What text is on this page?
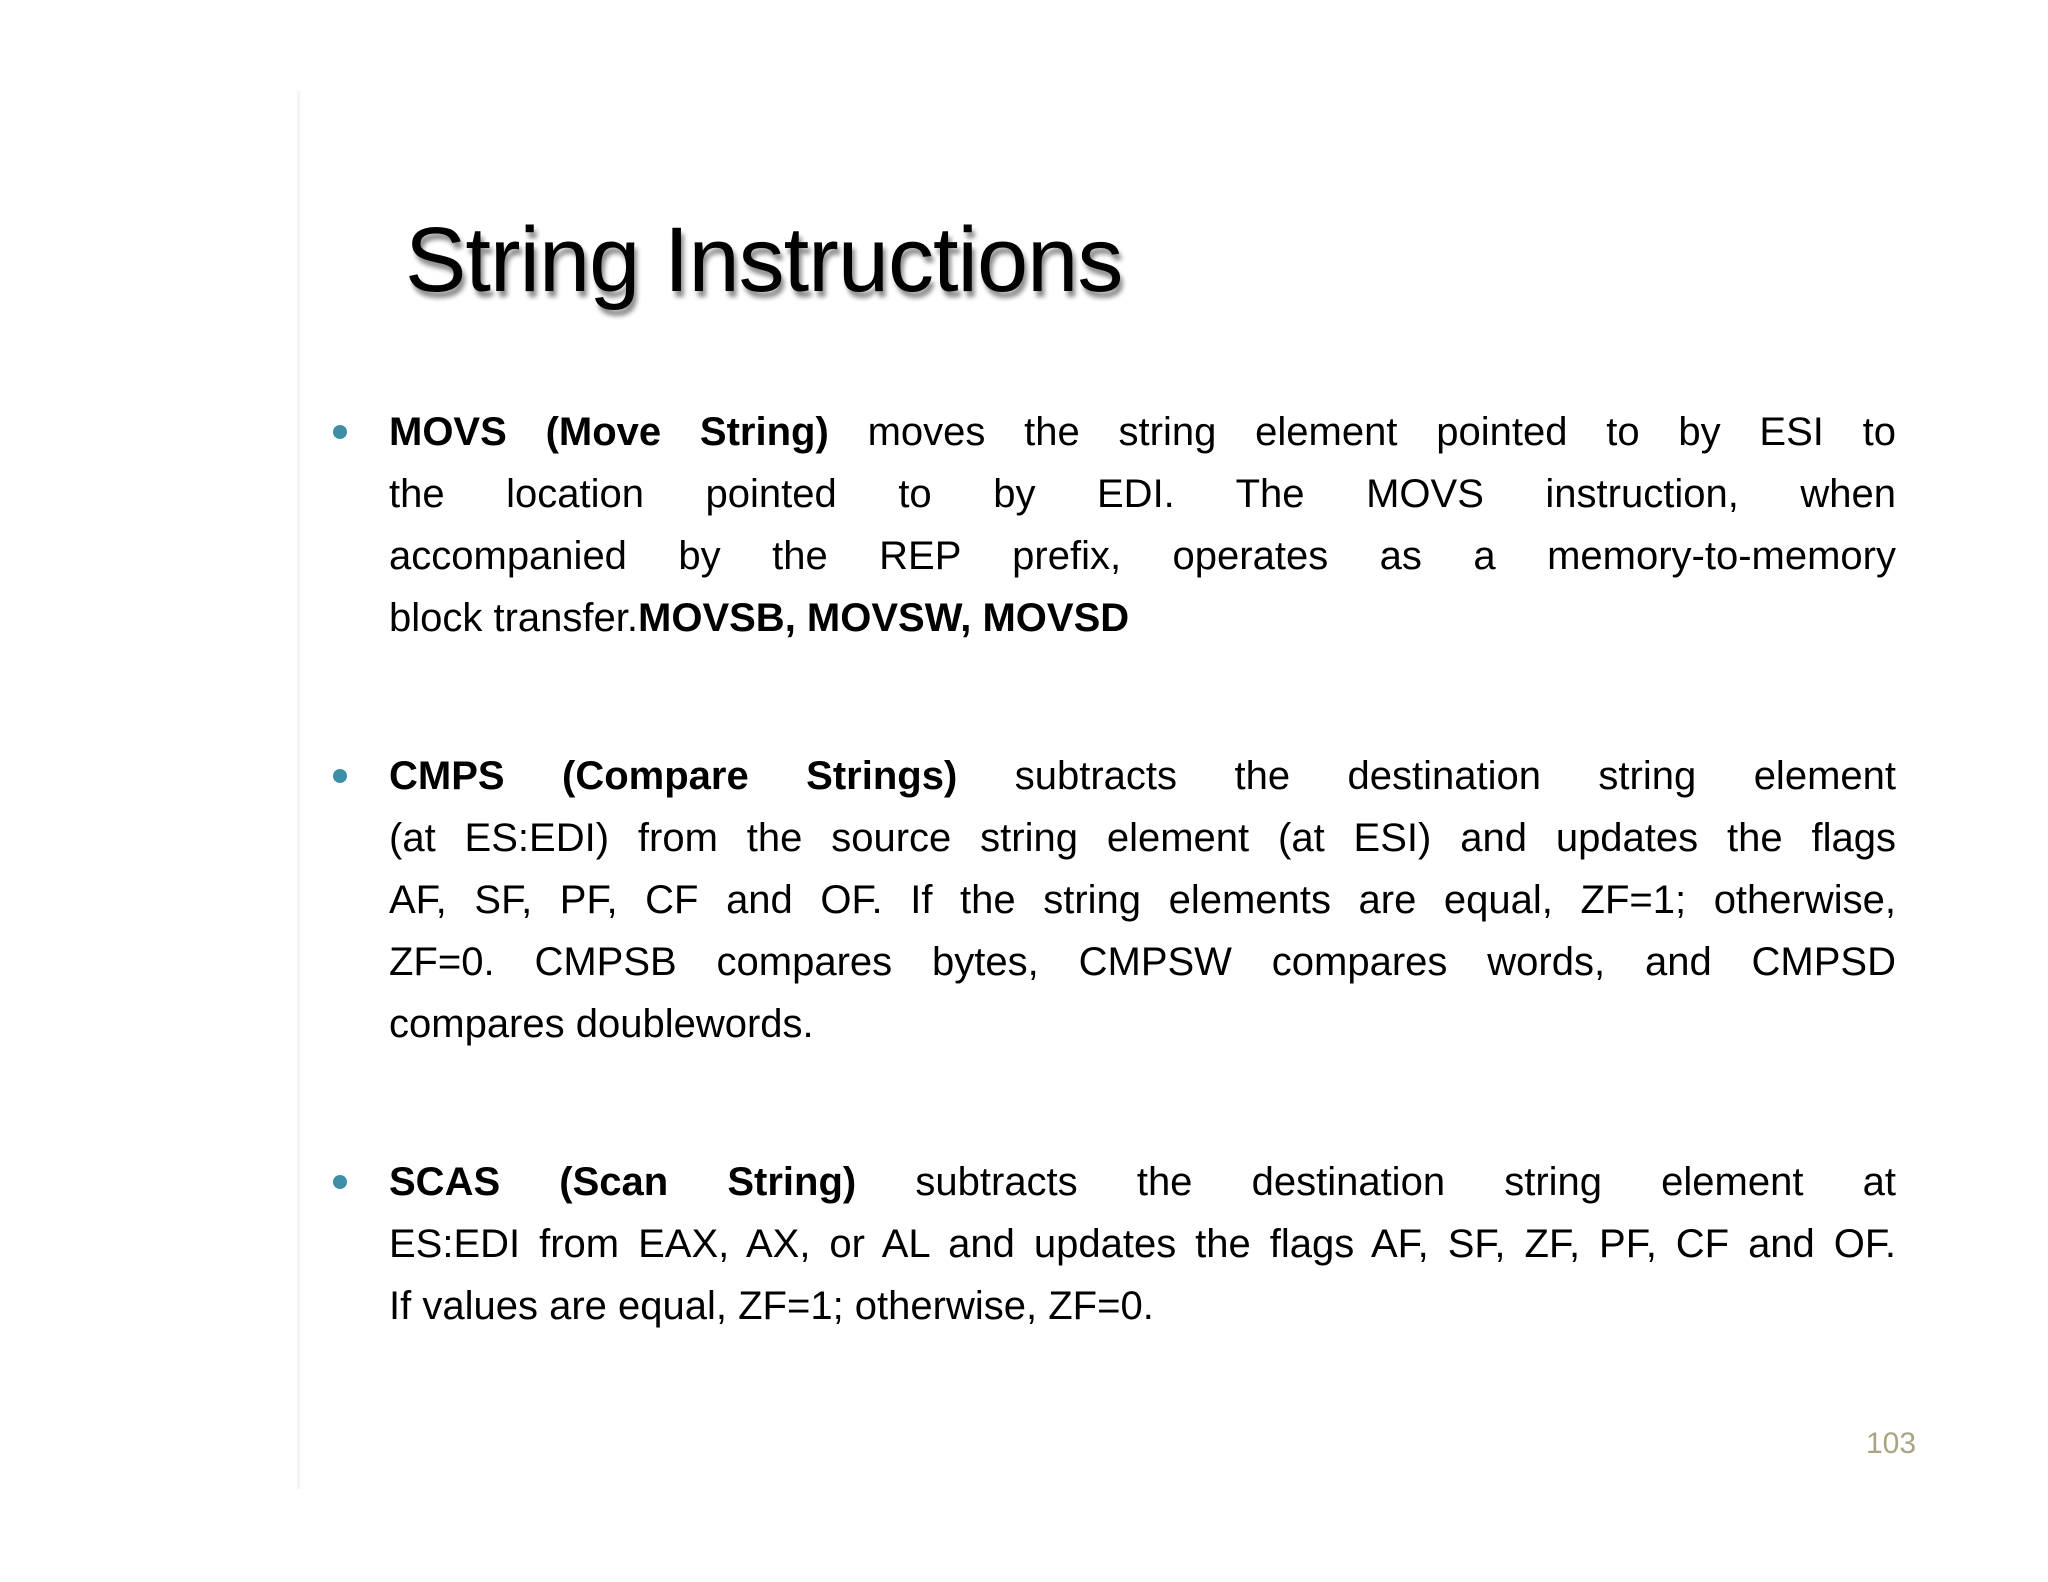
String Instructions
MOVS (Move String) moves the string element pointed to by ESI to
the location pointed to by EDI. The MOVS instruction, when
accompanied by the REP prefix, operates as a memory-to-memory
block transfer.MOVSB, MOVSW, MOVSD
CMPS (Compare Strings) subtracts the destination string element
(at ES:EDI) from the source string element (at ESI) and updates the flags
AF, SF, PF, CF and OF. If the string elements are equal, ZF=1; otherwise,
ZF=0. CMPSB compares bytes, CMPSW compares words, and CMPSD
compares doublewords.
SCAS (Scan String) subtracts the destination string element at
ES:EDI from EAX, AX, or AL and updates the flags AF, SF, ZF, PF, CF and OF.
If values are equal, ZF=1; otherwise, ZF=0.
103
